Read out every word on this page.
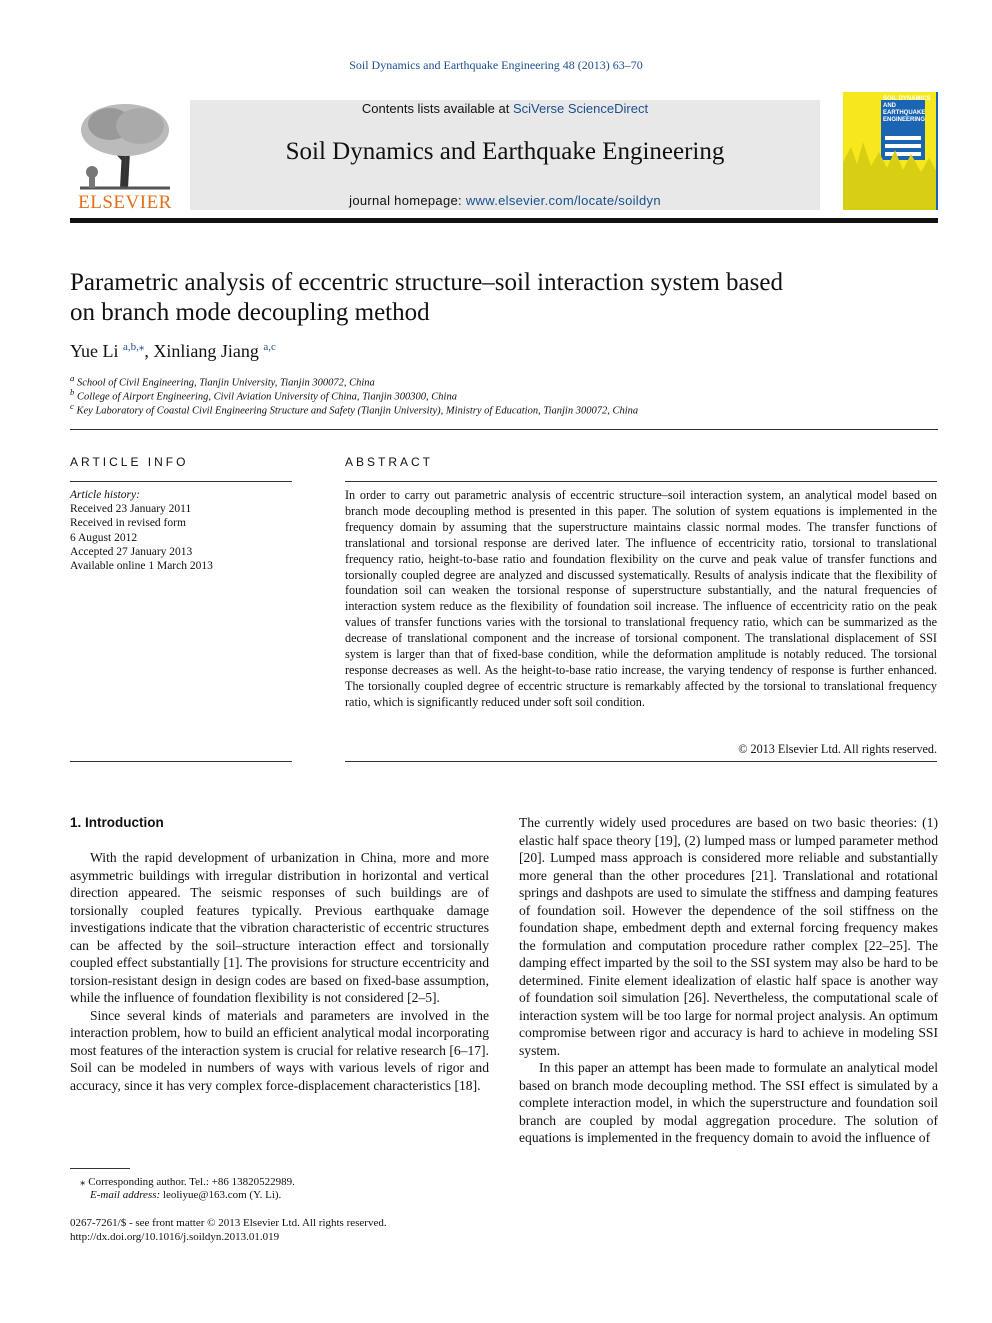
Soil Dynamics and Earthquake Engineering 48 (2013) 63–70
ELSEVIER
Contents lists available at SciVerse ScienceDirect
Soil Dynamics and Earthquake Engineering
journal homepage: www.elsevier.com/locate/soildyn
SOIL DYNAMICS AND EARTHQUAKE ENGINEERING
Parametric analysis of eccentric structure–soil interaction system based
on branch mode decoupling method
Yue Li $^{a,b,⁎}$, Xinliang Jiang $^{a,c}$
$^a$ School of Civil Engineering, Tianjin University, Tianjin 300072, China
$^b$ College of Airport Engineering, Civil Aviation University of China, Tianjin 300300, China
$^c$ Key Laboratory of Coastal Civil Engineering Structure and Safety (Tianjin University), Ministry of Education, Tianjin 300072, China
ARTICLE INFO
Article history:
Received 23 January 2011
Received in revised form
6 August 2012
Accepted 27 January 2013
Available online 1 March 2013
ABSTRACT
In order to carry out parametric analysis of eccentric structure–soil interaction system, an analytical model based on branch mode decoupling method is presented in this paper. The solution of system equations is implemented in the frequency domain by assuming that the superstructure maintains classic normal modes. The transfer functions of translational and torsional response are derived later. The influence of eccentricity ratio, torsional to translational frequency ratio, height-to-base ratio and foundation flexibility on the curve and peak value of transfer functions and torsionally coupled degree are analyzed and discussed systematically. Results of analysis indicate that the flexibility of foundation soil can weaken the torsional response of superstructure substantially, and the natural frequencies of interaction system reduce as the flexibility of foundation soil increase. The influence of eccentricity ratio on the peak values of transfer functions varies with the torsional to translational frequency ratio, which can be summarized as the decrease of translational component and the increase of torsional component. The translational displacement of SSI system is larger than that of fixed-base condition, while the deformation amplitude is notably reduced. The torsional response decreases as well. As the height-to-base ratio increase, the varying tendency of response is further enhanced. The torsionally coupled degree of eccentric structure is remarkably affected by the torsional to translational frequency ratio, which is significantly reduced under soft soil condition.
© 2013 Elsevier Ltd. All rights reserved.
1. Introduction

With the rapid development of urbanization in China, more and more asymmetric buildings with irregular distribution in horizontal and vertical direction appeared. The seismic responses of such buildings are of torsionally coupled features typically. Previous earthquake damage investigations indicate that the vibration characteristic of eccentric structures can be affected by the soil–structure interaction effect and torsionally coupled effect substantially [1]. The provisions for structure eccentricity and torsion-resistant design in design codes are based on fixed-base assumption, while the influence of foundation flexibility is not considered [2–5].

Since several kinds of materials and parameters are involved in the interaction problem, how to build an efficient analytical modal incorporating most features of the interaction system is crucial for relative research [6–17]. Soil can be modeled in numbers of ways with various levels of rigor and accuracy, since it has very complex force-displacement characteristics [18].

The currently widely used procedures are based on two basic theories: (1) elastic half space theory [19], (2) lumped mass or lumped parameter method [20]. Lumped mass approach is considered more reliable and substantially more general than the other procedures [21]. Translational and rotational springs and dashpots are used to simulate the stiffness and damping features of foundation soil. However the dependence of the soil stiffness on the foundation shape, embedment depth and external forcing frequency makes the formulation and computation procedure rather complex [22–25]. The damping effect imparted by the soil to the SSI system may also be hard to be determined. Finite element idealization of elastic half space is another way of foundation soil simulation [26]. Nevertheless, the computational scale of interaction system will be too large for normal project analysis. An optimum compromise between rigor and accuracy is hard to achieve in modeling SSI system.

In this paper an attempt has been made to formulate an analytical model based on branch mode decoupling method. The SSI effect is simulated by a complete interaction model, in which the superstructure and foundation soil branch are coupled by modal aggregation procedure. The solution of equations is implemented in the frequency domain to avoid the influence of

⁎ Corresponding author. Tel.: +86 13820522989.
E-mail address: leoliyue@163.com (Y. Li).
0267-7261/$ - see front matter © 2013 Elsevier Ltd. All rights reserved.
http://dx.doi.org/10.1016/j.soildyn.2013.01.019
